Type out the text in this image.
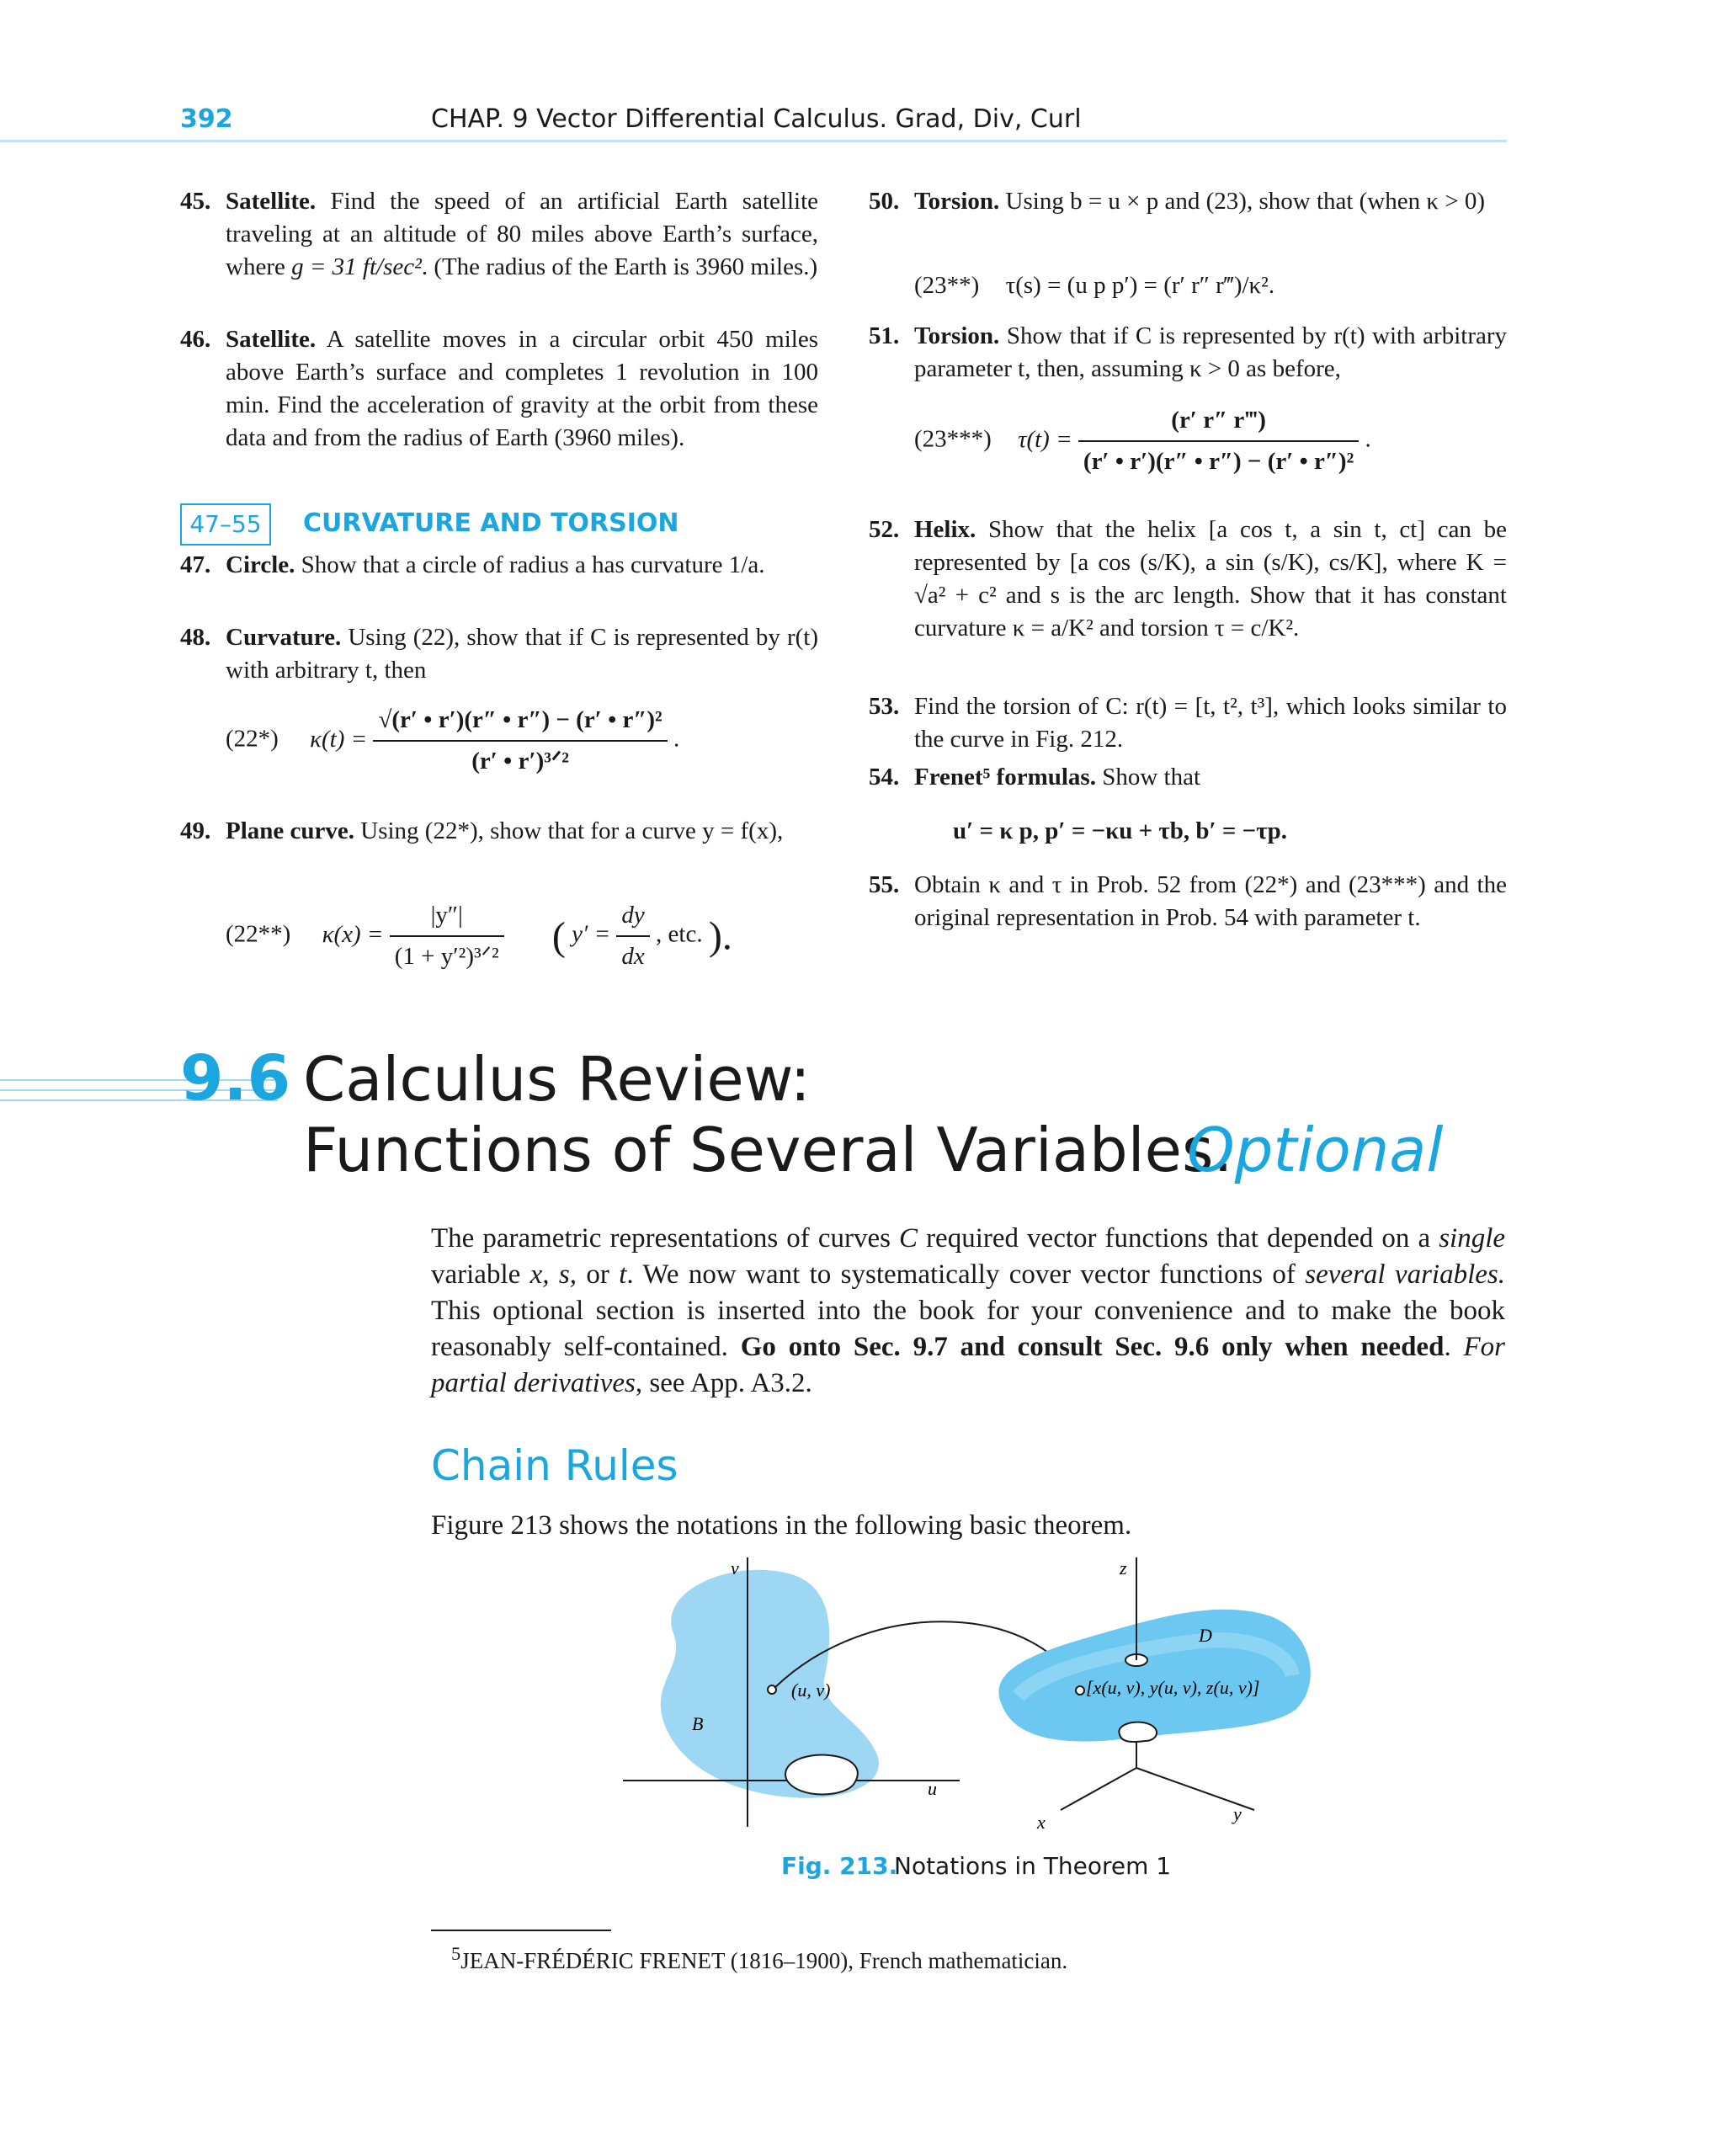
392	CHAP. 9 Vector Differential Calculus. Grad, Div, Curl
45. Satellite. Find the speed of an artificial Earth satellite traveling at an altitude of 80 miles above Earth’s surface, where g = 31 ft/sec². (The radius of the Earth is 3960 miles.)
46. Satellite. A satellite moves in a circular orbit 450 miles above Earth’s surface and completes 1 revolution in 100 min. Find the acceleration of gravity at the orbit from these data and from the radius of Earth (3960 miles).
47–55	CURVATURE AND TORSION
47. Circle. Show that a circle of radius a has curvature 1/a.
48. Curvature. Using (22), show that if C is represented by r(t) with arbitrary t, then
(22*) $\kappa(t) = \frac{\text{√(r′ • r′)(r″ • r″) − (r′ • r″)²}}{\text{(r′ • r′)³ᐟ²}}$ .
49. Plane curve. Using (22*), show that for a curve y = f(x),
(22**) $\kappa(x) = \frac{|y''|}{\text{(1 + y′²)³ᐟ²}}$ ( $y' = \frac{dy}{dx}$ , etc. ).
50. Torsion. Using b = u × p and (23), show that (when κ > 0)
(23**) τ(s) = (u p p′) = (r′ r″ r‴)/κ².
51. Torsion. Show that if C is represented by r(t) with arbitrary parameter t, then, assuming κ > 0 as before,
(23***) $\tau(t) = \frac{(r' r'' r‴)}{\text{(r′ • r′)(r″ • r″) − (r′ • r″)²}}$ .
52. Helix. Show that the helix [a cos t, a sin t, ct] can be represented by [a cos (s/K), a sin (s/K), cs/K], where K = √a² + c² and s is the arc length. Show that it has constant curvature κ = a/K² and torsion τ = c/K².
53. Find the torsion of C: r(t) = [t, t², t³], which looks similar to the curve in Fig. 212.
54. Frenet⁵ formulas. Show that
u′ = κ p, p′ = −κu + τb, b′ = −τp.
55. Obtain κ and τ in Prob. 52 from (22*) and (23***) and the original representation in Prob. 54 with parameter t.
9.6 Calculus Review:
Functions of Several Variables.
Optional
The parametric representations of curves C required vector functions that depended on a single variable x, s, or t. We now want to systematically cover vector functions of several variables. This optional section is inserted into the book for your convenience and to make the book reasonably self-contained. Go onto Sec. 9.7 and consult Sec. 9.6 only when needed. For partial derivatives, see App. A3.2.
Chain Rules
Figure 213 shows the notations in the following basic theorem.
v
u
B
(u, v)
z
x	y
D
[x(u, v), y(u, v), z(u, v)]
Fig. 213.
Notations in Theorem 1
$^5$JEAN-FRÉDÉRIC FRENET (1816–1900), French mathematician.
